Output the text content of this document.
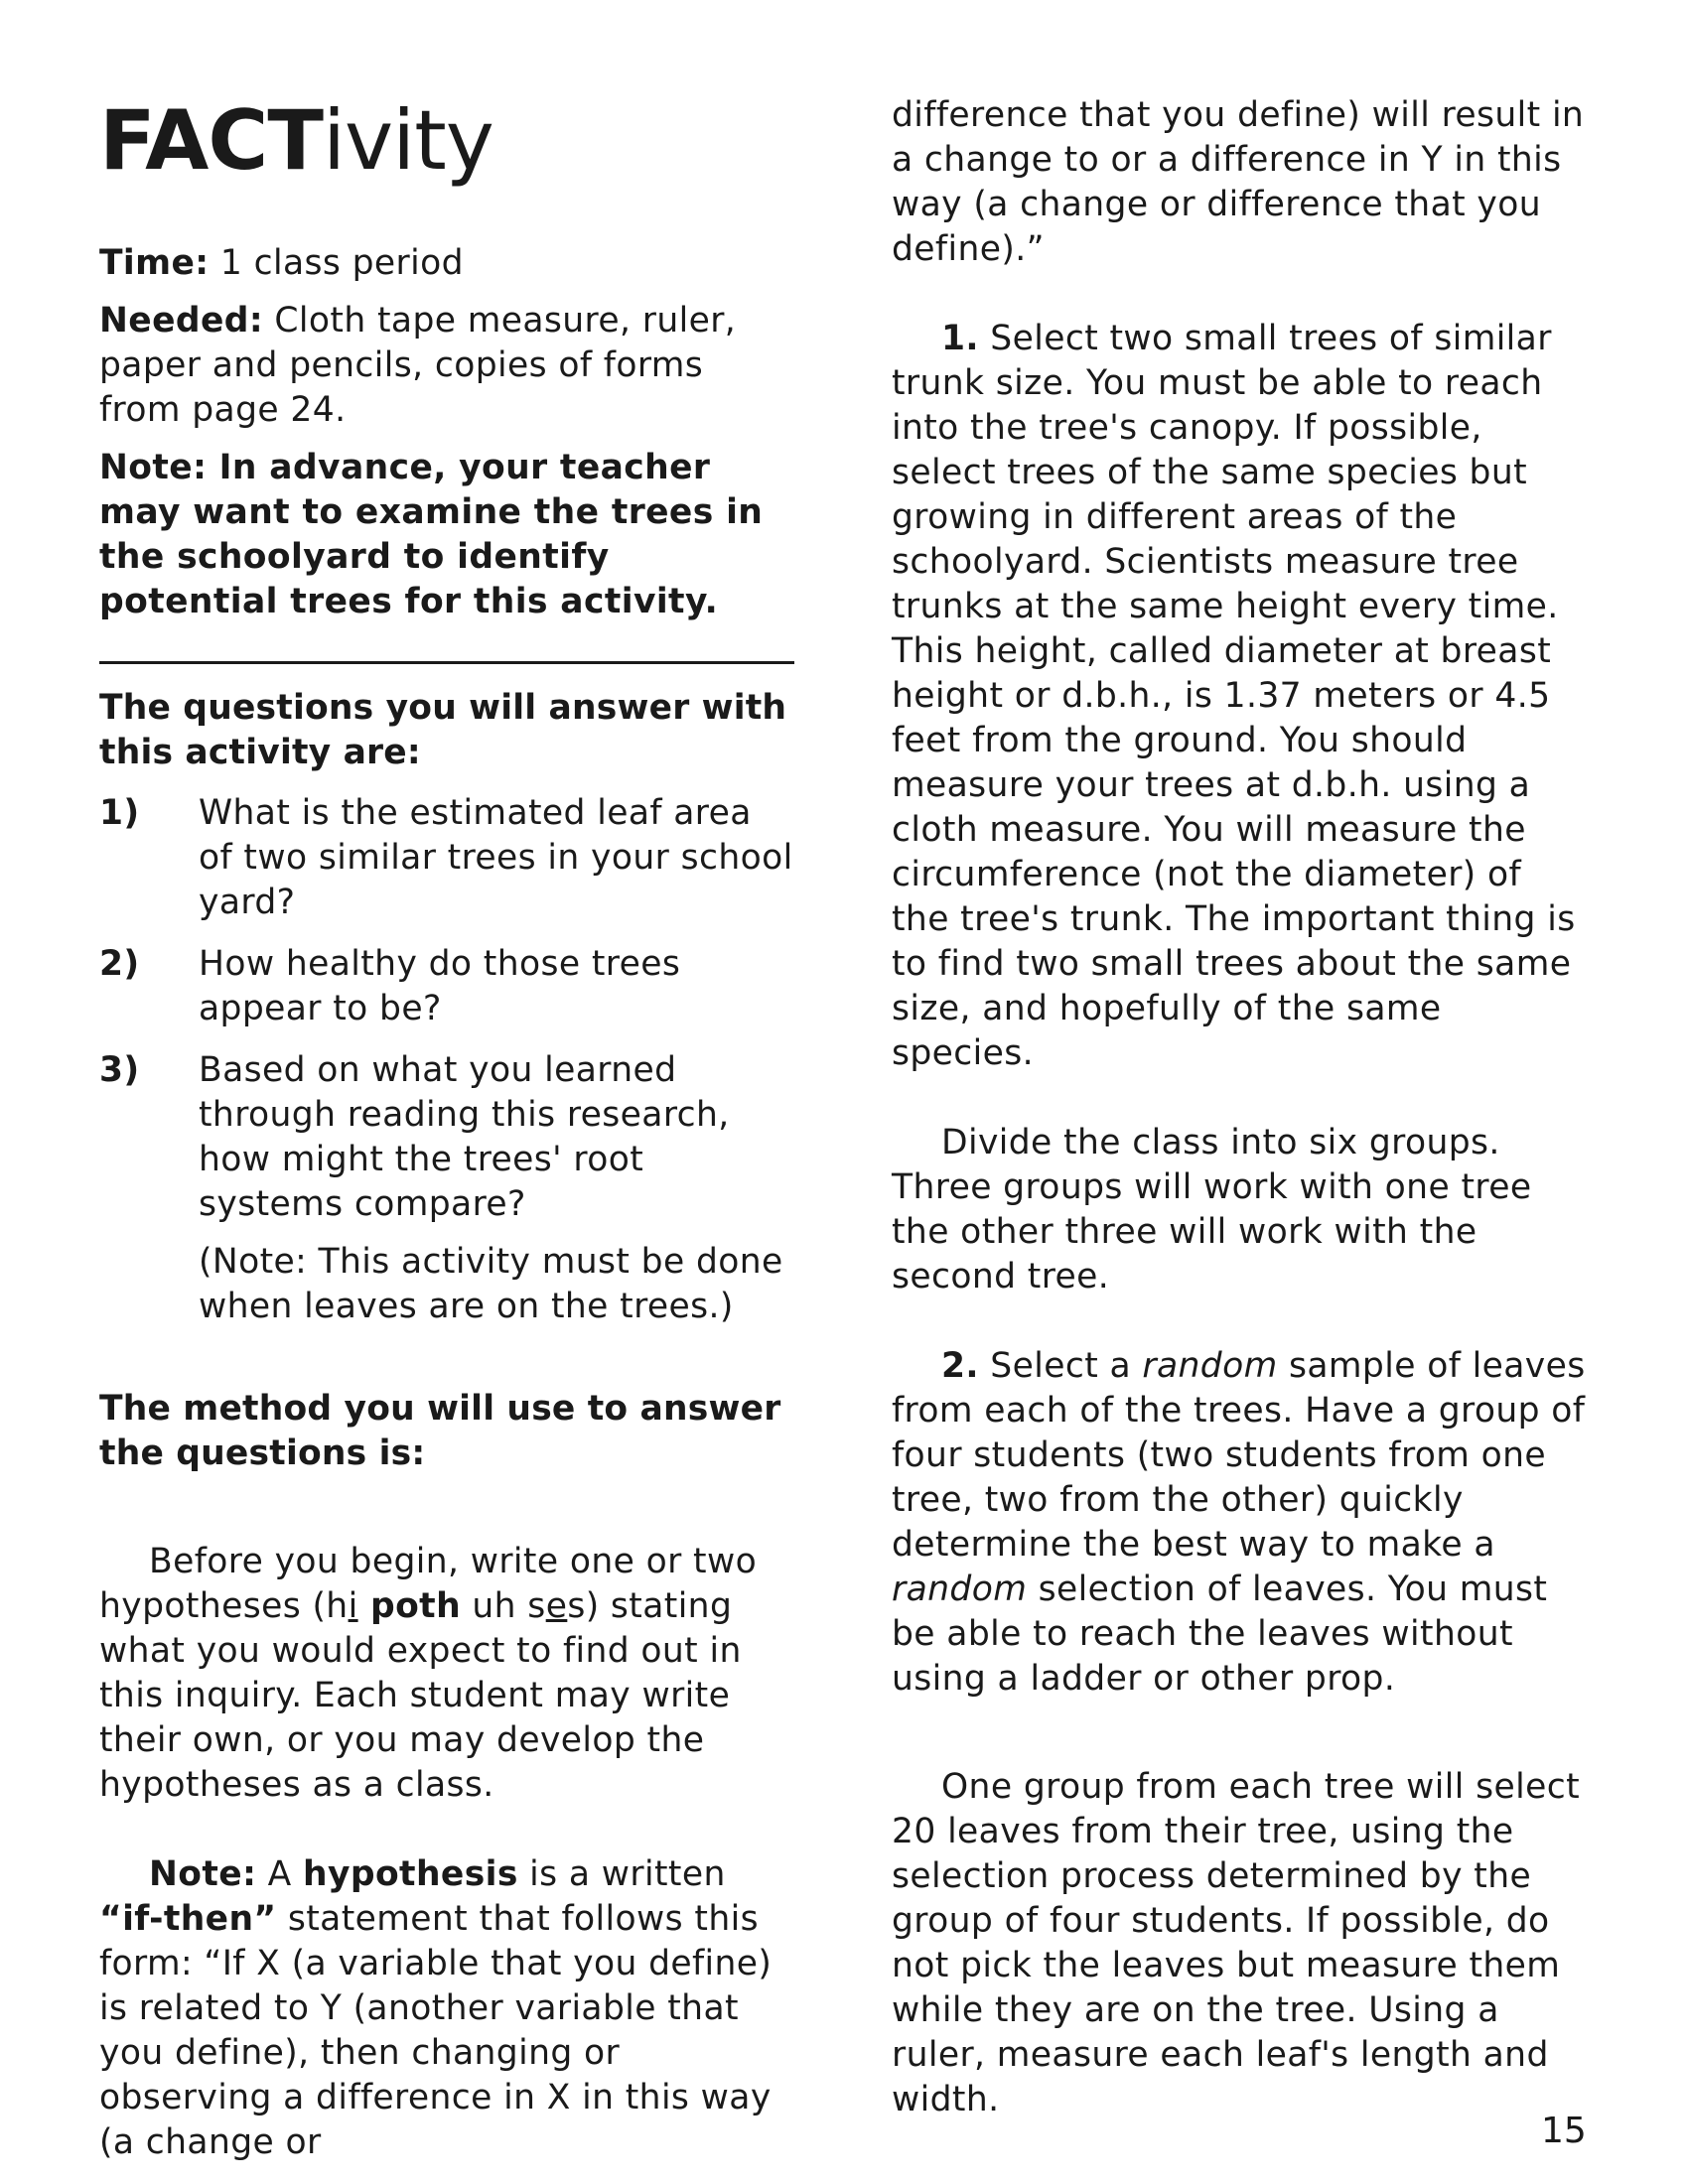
FACTivity

Time: 1 class period

Needed: Cloth tape measure, ruler, paper and pencils, copies of forms from page 24.

Note: In advance, your teacher may want to examine the trees in the schoolyard to identify potential trees for this activity.

The questions you will answer with this activity are:

1)	What is the estimated leaf area of two similar trees in your school yard?
2)	How healthy do those trees appear to be?
3)	Based on what you learned through reading this research, how might the trees' root systems compare?

(Note: This activity must be done when leaves are on the trees.)

The method you will use to answer the questions is:

Before you begin, write one or two hypotheses (hi poth uh ses) stating what you would expect to find out in this inquiry. Each student may write their own, or you may develop the hypotheses as a class.

Note: A hypothesis is a written “if-then” statement that follows this form: “If X (a variable that you define) is related to Y (another variable that you define), then changing or observing a difference in X in this way (a change or

difference that you define) will result in a change to or a difference in Y in this way (a change or difference that you define).”

1. Select two small trees of similar trunk size. You must be able to reach into the tree's canopy. If possible, select trees of the same species but growing in different areas of the schoolyard. Scientists measure tree trunks at the same height every time. This height, called diameter at breast height or d.b.h., is 1.37 meters or 4.5 feet from the ground. You should measure your trees at d.b.h. using a cloth measure. You will measure the circumference (not the diameter) of the tree's trunk. The important thing is to find two small trees about the same size, and hopefully of the same species.

Divide the class into six groups. Three groups will work with one tree the other three will work with the second tree.

2. Select a random sample of leaves from each of the trees. Have a group of four students (two students from one tree, two from the other) quickly determine the best way to make a random selection of leaves. You must be able to reach the leaves without using a ladder or other prop.

One group from each tree will select 20 leaves from their tree, using the selection process determined by the group of four students. If possible, do not pick the leaves but measure them while they are on the tree. Using a ruler, measure each leaf's length and width.

15
